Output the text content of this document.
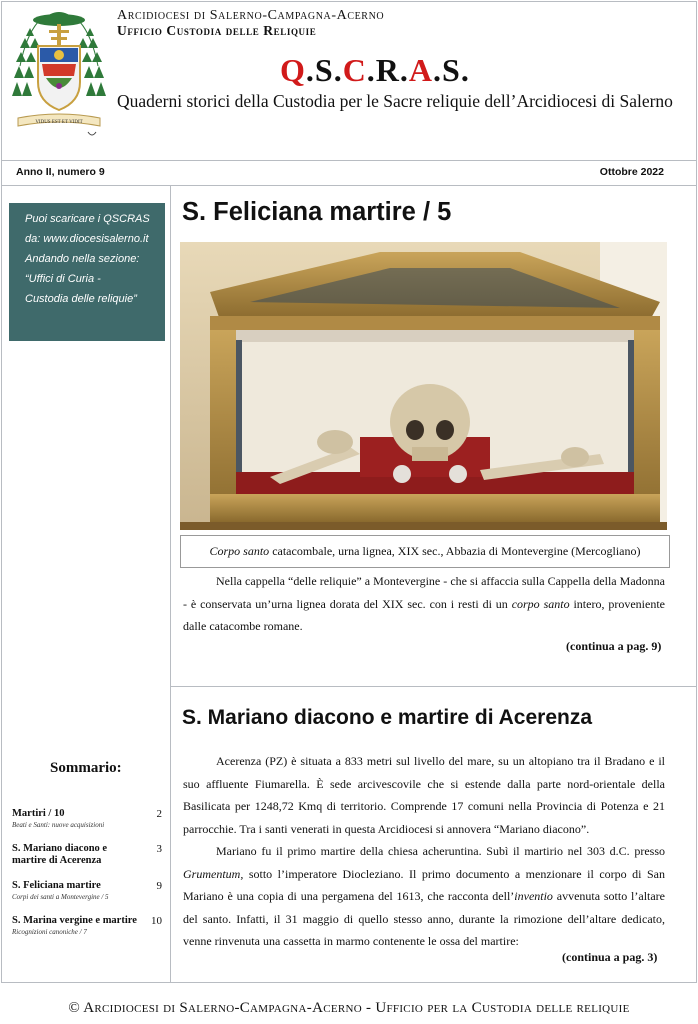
VIDUS EST ET VIDIT
Arcidiocesi di Salerno-Campagna-Acerno
Ufficio Custodia delle Reliquie
Q.S.C.R.A.S.
Quaderni storici della Custodia per le Sacre reliquie dell’Arcidiocesi di Salerno
Anno II, numero 9	Ottobre 2022
Puoi scaricare i QSCRAS
da: www.diocesisalerno.it
Andando nella sezione:
“Uffici di Curia -
Custodia delle reliquie”
Sommario:
Martiri / 10
Beati e Santi: nuove acquisizioni
2
S. Mariano diacono e martire di Acerenza
3
S. Feliciana martire
Corpi dei santi a Montevergine / 5
9
S. Marina vergine e martire
Ricognizioni canoniche / 7
10
S. Feliciana martire / 5
Corpo santo catacombale, urna lignea, XIX sec., Abbazia di Montevergine (Mercogliano)
Nella cappella “delle reliquie” a Montevergine - che si affaccia sulla Cappella della Madonna - è conservata un’urna lignea dorata del XIX sec. con i resti di un corpo santo intero, proveniente dalle catacombe romane.
(continua a pag. 9)
S. Mariano diacono e martire di Acerenza
Acerenza (PZ) è situata a 833 metri sul livello del mare, su un altopiano tra il Bradano e il suo affluente Fiumarella. È sede arcivescovile che si estende dalla parte nord-orientale della Basilicata per 1248,72 Kmq di territorio. Comprende 17 comuni nella Provincia di Potenza e 21 parrocchie. Tra i santi venerati in questa Arcidiocesi si annovera “Mariano diacono”.
Mariano fu il primo martire della chiesa acheruntina. Subì il martirio nel 303 d.C. presso Grumentum, sotto l’imperatore Diocleziano. Il primo documento a menzionare il corpo di San Mariano è una copia di una pergamena del 1613, che racconta dell’inventio avvenuta sotto l’altare del santo. Infatti, il 31 maggio di quello stesso anno, durante la rimozione dell’altare dedicato, venne rinvenuta una cassetta in marmo contenente le ossa del martire:
(continua a pag. 3)
© Arcidiocesi di Salerno-Campagna-Acerno - Ufficio per la Custodia delle reliquie
